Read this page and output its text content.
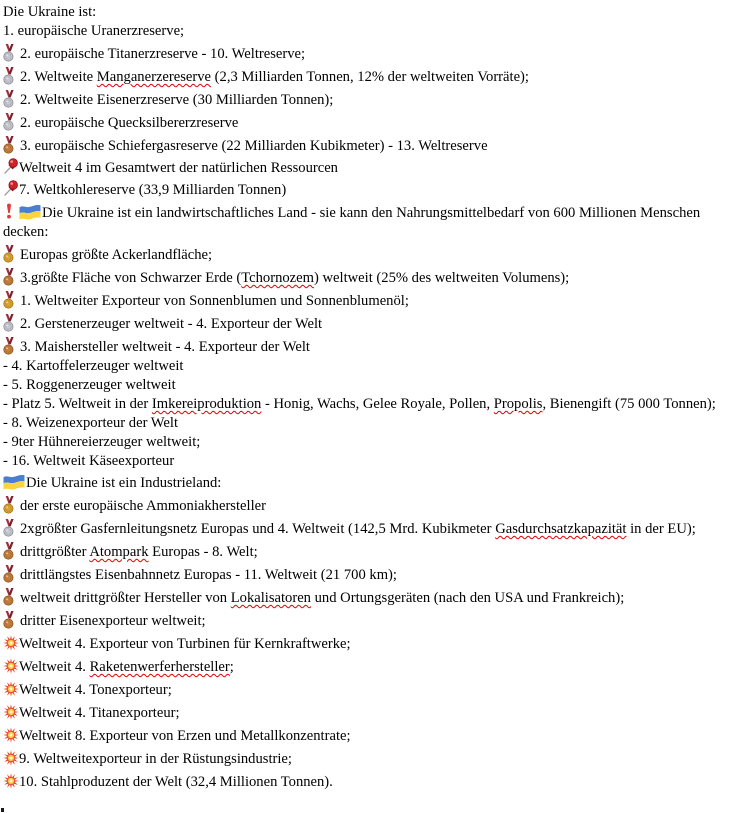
Die Ukraine ist:
1. europäische Uranerzreserve;
2. europäische Titanerzreserve - 10. Weltreserve;
2. Weltweite Manganerzereserve (2,3 Milliarden Tonnen, 12% der weltweiten Vorräte);
2. Weltweite Eisenerzreserve (30 Milliarden Tonnen);
2. europäische Quecksilbererzreserve
3. europäische Schiefergasreserve (22 Milliarden Kubikmeter) - 13. Weltreserve
Weltweit 4 im Gesamtwert der natürlichen Ressourcen
7. Weltkohlereserve (33,9 Milliarden Tonnen)
Die Ukraine ist ein landwirtschaftliches Land - sie kann den Nahrungsmittelbedarf von 600 Millionen Menschen decken:
Europas größte Ackerlandfläche;
3.größte Fläche von Schwarzer Erde (Tchornozem) weltweit (25% des weltweiten Volumens);
1. Weltweiter Exporteur von Sonnenblumen und Sonnenblumenöl;
2. Gerstenerzeuger weltweit - 4. Exporteur der Welt
3. Maishersteller weltweit - 4. Exporteur der Welt
- 4. Kartoffelerzeuger weltweit
- 5. Roggenerzeuger weltweit
- Platz 5. Weltweit in der Imkereiproduktion - Honig, Wachs, Gelee Royale, Pollen, Propolis, Bienengift (75 000 Tonnen);
- 8. Weizenexporteur der Welt
- 9ter Hühnereierzeuger weltweit;
- 16. Weltweit Käseexporteur
Die Ukraine ist ein Industrieland:
der erste europäische Ammoniakhersteller
2xgrößter Gasfernleitungsnetz Europas und 4. Weltweit (142,5 Mrd. Kubikmeter Gasdurchsatzkapazität in der EU);
drittgrößter Atompark Europas - 8. Welt;
drittlängstes Eisenbahnnetz Europas - 11. Weltweit (21 700 km);
weltweit drittgrößter Hersteller von Lokalisatoren und Ortungsgeräten (nach den USA und Frankreich);
dritter Eisenexporteur weltweit;
Weltweit 4. Exporteur von Turbinen für Kernkraftwerke;
Weltweit 4. Raketenwerferhersteller;
Weltweit 4. Tonexporteur;
Weltweit 4. Titanexporteur;
Weltweit 8. Exporteur von Erzen und Metallkonzentrate;
9. Weltweitexporteur in der Rüstungsindustrie;
10. Stahlproduzent der Welt (32,4 Millionen Tonnen).
